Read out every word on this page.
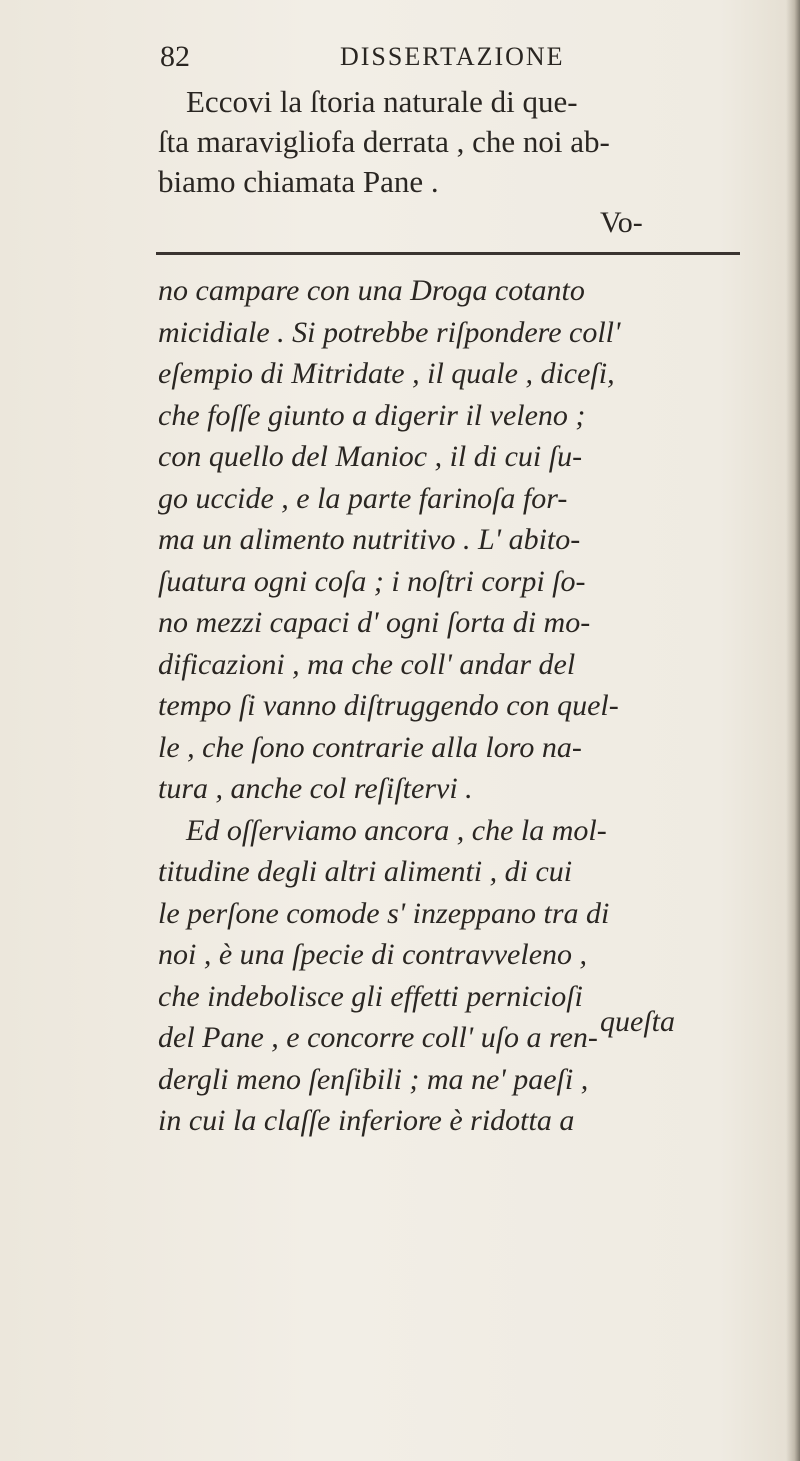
82	DISSERTAZIONE
Eccovi la ſtoria naturale di que-
ſta maravigliofa derrata , che noi ab-
biamo chiamata Pane .
Vo-
no campare con una Droga cotanto
micidiale . Si potrebbe riſpondere coll'
eſempio di Mitridate , il quale , diceſi,
che foſſe giunto a digerir il veleno ;
con quello del Manioc , il di cui ſu-
go uccide , e la parte farinoſa for-
ma un alimento nutritivo . L' abito-
ſuatura ogni coſa ; i noſtri corpi ſo-
no mezzi capaci d' ogni ſorta di mo-
dificazioni , ma che coll' andar del
tempo ſi vanno diſtruggendo con quel-
le , che ſono contrarie alla loro na-
tura , anche col reſiſtervi .
Ed oſſerviamo ancora , che la mol-
titudine degli altri alimenti , di cui
le perſone comode s' inzeppano tra di
noi , è una ſpecie di contravveleno ,
che indebolisce gli effetti pernicioſi
del Pane , e concorre coll' uſo a ren-
dergli meno ſenſibili ; ma ne' paeſi ,
in cui la claſſe inferiore è ridotta a
queſta
